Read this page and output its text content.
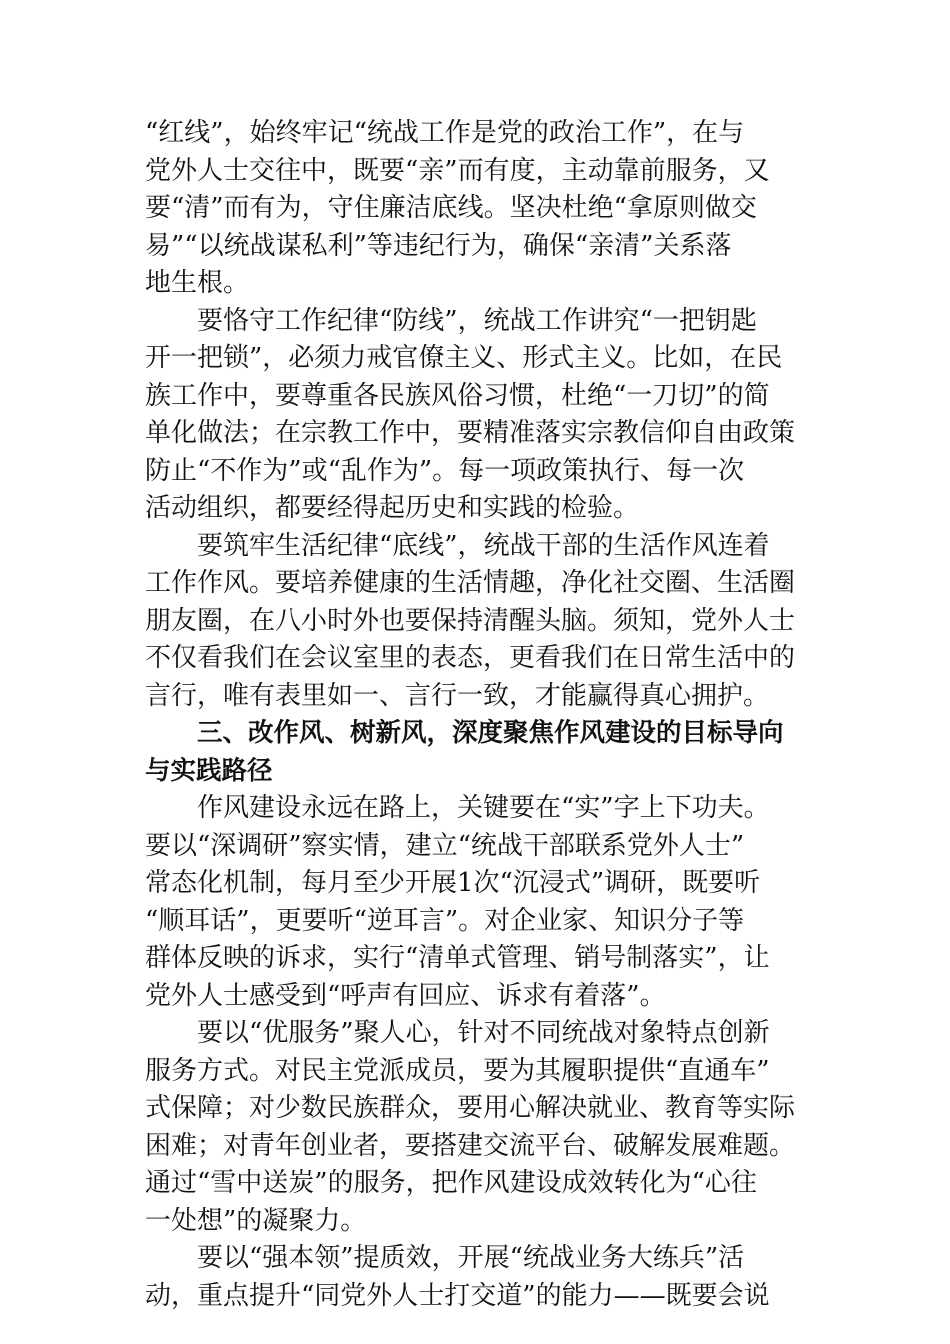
“红线”，始终牢记“统战工作是党的政治工作”，在与
党外人士交往中，既要“亲”而有度，主动靠前服务，又
要“清”而有为，守住廉洁底线。坚决杜绝“拿原则做交
易”“以统战谋私利”等违纪行为，确保“亲清”关系落
地生根。

要恪守工作纪律“防线”，统战工作讲究“一把钥匙
开一把锁”，必须力戒官僚主义、形式主义。比如，在民
族工作中，要尊重各民族风俗习惯，杜绝“一刀切”的简
单化做法；在宗教工作中，要精准落实宗教信仰自由政策
防止“不作为”或“乱作为”。每一项政策执行、每一次
活动组织，都要经得起历史和实践的检验。

要筑牢生活纪律“底线”，统战干部的生活作风连着
工作作风。要培养健康的生活情趣，净化社交圈、生活圈
朋友圈，在八小时外也要保持清醒头脑。须知，党外人士
不仅看我们在会议室里的表态，更看我们在日常生活中的
言行，唯有表里如一、言行一致，才能赢得真心拥护。

三、改作风、树新风，深度聚焦作风建设的目标导向
与实践路径

作风建设永远在路上，关键要在“实”字上下功夫。
要以“深调研”察实情，建立“统战干部联系党外人士”
常态化机制，每月至少开展1次“沉浸式”调研，既要听
“顺耳话”，更要听“逆耳言”。对企业家、知识分子等
群体反映的诉求，实行“清单式管理、销号制落实”，让
党外人士感受到“呼声有回应、诉求有着落”。

要以“优服务”聚人心，针对不同统战对象特点创新
服务方式。对民主党派成员，要为其履职提供“直通车”
式保障；对少数民族群众，要用心解决就业、教育等实际
困难；对青年创业者，要搭建交流平台、破解发展难题。
通过“雪中送炭”的服务，把作风建设成效转化为“心往
一处想”的凝聚力。

要以“强本领”提质效，开展“统战业务大练兵”活
动，重点提升“同党外人士打交道”的能力——既要会说
